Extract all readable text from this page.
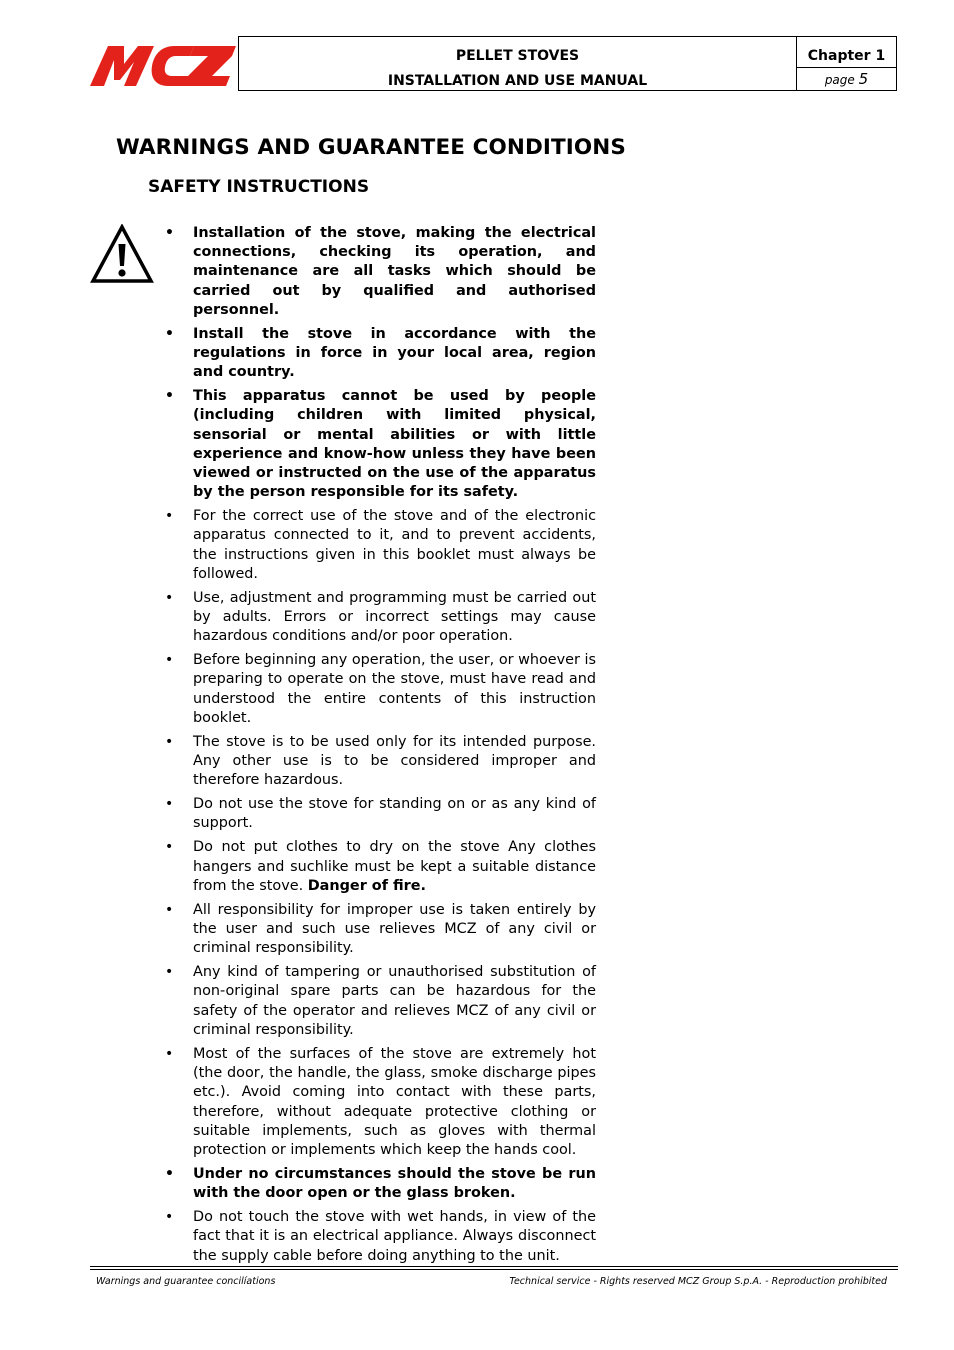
PELLET STOVES
INSTALLATION AND USE MANUAL
Chapter 1
page 5
WARNINGS AND GUARANTEE CONDITIONS
SAFETY INSTRUCTIONS
• Installation of the stove, making the electrical connections, checking its operation, and maintenance are all tasks which should be carried out by qualified and authorised personnel.
• Install the stove in accordance with the regulations in force in your local area, region and country.
• This apparatus cannot be used by people (including children with limited physical, sensorial or mental abilities or with little experience and know-how unless they have been viewed or instructed on the use of the apparatus by the person responsible for its safety.
• For the correct use of the stove and of the electronic apparatus connected to it, and to prevent accidents, the instructions given in this booklet must always be followed.
• Use, adjustment and programming must be carried out by adults. Errors or incorrect settings may cause hazardous conditions and/or poor operation.
• Before beginning any operation, the user, or whoever is preparing to operate on the stove, must have read and understood the entire contents of this instruction booklet.
• The stove is to be used only for its intended purpose. Any other use is to be considered improper and therefore hazardous.
• Do not use the stove for standing on or as any kind of support.
• Do not put clothes to dry on the stove Any clothes hangers and suchlike must be kept a suitable distance from the stove. Danger of fire.
• All responsibility for improper use is taken entirely by the user and such use relieves MCZ of any civil or criminal responsibility.
• Any kind of tampering or unauthorised substitution of non-original spare parts can be hazardous for the safety of the operator and relieves MCZ of any civil or criminal responsibility.
• Most of the surfaces of the stove are extremely hot (the door, the handle, the glass, smoke discharge pipes etc.). Avoid coming into contact with these parts, therefore, without adequate protective clothing or suitable implements, such as gloves with thermal protection or implements which keep the hands cool.
• Under no circumstances should the stove be run with the door open or the glass broken.
• Do not touch the stove with wet hands, in view of the fact that it is an electrical appliance. Always disconnect the supply cable before doing anything to the unit.
Warnings and guarantee concilíations	Technical service - Rights reserved MCZ Group S.p.A. - Reproduction prohibited
